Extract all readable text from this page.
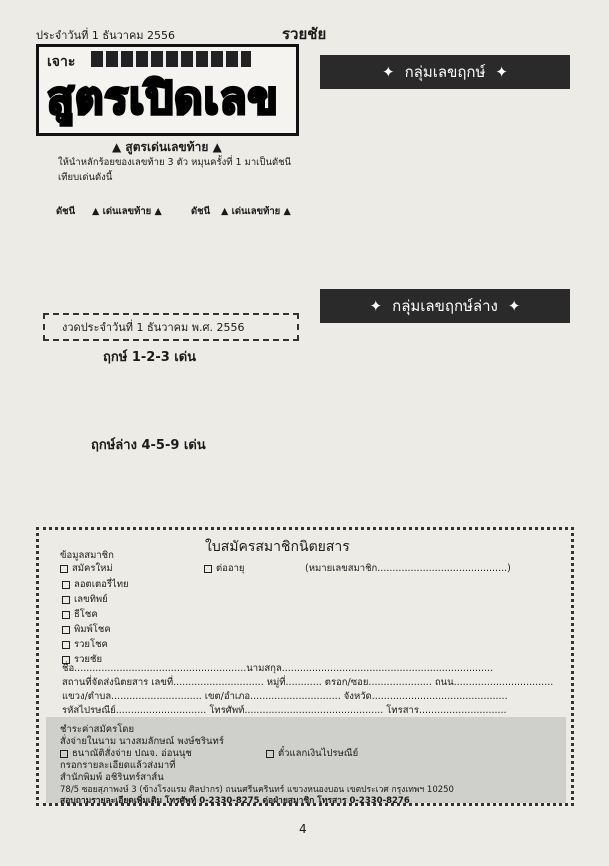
ประจำวันที่ 1 ธันวาคม 2556	รวยชัย
เจาะ
สูตรเปิดเลข
▲ สูตรเด่นเลขท้าย ▲
ให้นำหลักร้อยของเลขท้าย 3 ตัว หมุนครั้งที่ 1 มาเป็นดัชนี เทียบเด่นดังนี้
ดัชนี ▲ เด่นเลขท้าย ▲	ดัชนี ▲ เด่นเลขท้าย ▲
งวดประจำวันที่ 1 ธันวาคม พ.ศ. 2556
ฤกษ์ 1-2-3 เด่น
ฤกษ์ล่าง 4-5-9 เด่น
✦ กลุ่มเลขฤกษ์ ✦
✦ กลุ่มเลขฤกษ์ล่าง ✦
ใบสมัครสมาชิกนิตยสาร
ข้อมูลสมาชิก
สมัครใหม่	ต่ออายุ	(หมายเลขสมาชิก...........................................)
ลอตเตอรี่ไทย
เลขทิพย์
ธีโชค
พิมพ์โชค
รวยโชค
รวยชัย
ชื่อ.........................................................นามสกุล......................................................................
สถานที่จัดส่งนิตยสาร เลขที่.............................. หมู่ที่............ ตรอก/ซอย..................... ถนน.................................
แขวง/ตำบล.............................. เขต/อำเภอ.............................. จังหวัด.............................................
รหัสไปรษณีย์.............................. โทรศัพท์.............................................. โทรสาร.............................
ชำระค่าสมัครโดย
สั่งจ่ายในนาม นางสมลักษณ์ พงษ์ชรินทร์
ธนาณัติสั่งจ่าย ปณจ. อ่อนนุช	ตั๋วแลกเงินไปรษณีย์
กรอกรายละเอียดแล้วส่งมาที่
สำนักพิมพ์ อชิรินทร์สาส์น
78/5 ซอยสุภาพงษ์ 3 (ข้างโรงแรม ศิลปากร) ถนนศรีนครินทร์ แขวงหนองบอน เขตประเวศ กรุงเทพฯ 10250
สอบถามรายละเอียดเพิ่มเติม โทรศัพท์ 0-2330-8275 ต่อฝ่ายสมาชิก โทรสาร 0-2330-8276
4
